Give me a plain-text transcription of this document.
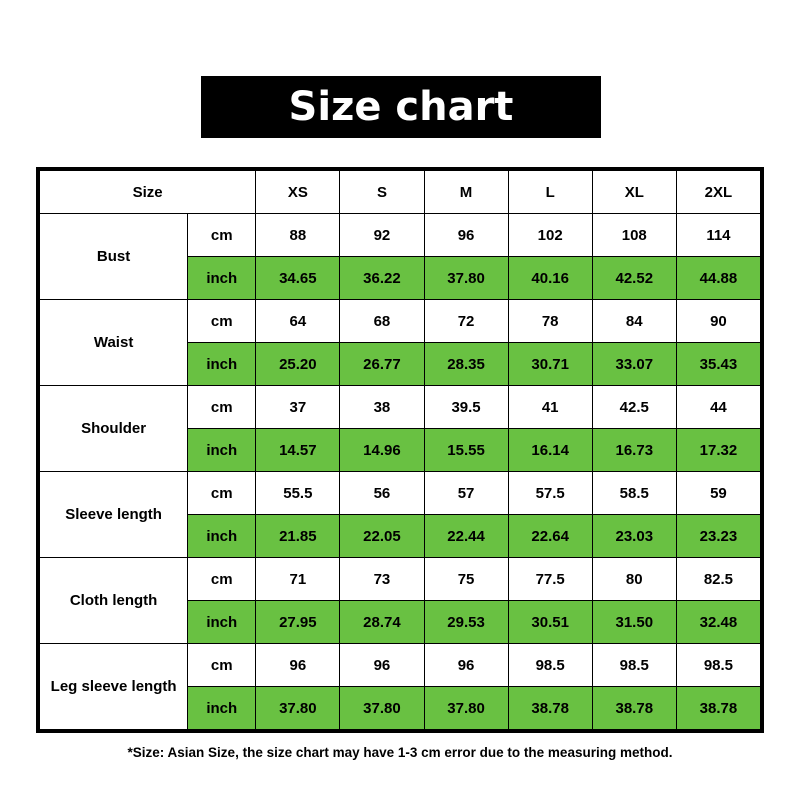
Size chart
Size		XS	S	M	L	XL	2XL
Bust	cm	88	92	96	102	108	114
	inch	34.65	36.22	37.80	40.16	42.52	44.88
Waist	cm	64	68	72	78	84	90
	inch	25.20	26.77	28.35	30.71	33.07	35.43
Shoulder	cm	37	38	39.5	41	42.5	44
	inch	14.57	14.96	15.55	16.14	16.73	17.32
Sleeve length	cm	55.5	56	57	57.5	58.5	59
	inch	21.85	22.05	22.44	22.64	23.03	23.23
Cloth length	cm	71	73	75	77.5	80	82.5
	inch	27.95	28.74	29.53	30.51	31.50	32.48
Leg sleeve length	cm	96	96	96	98.5	98.5	98.5
	inch	37.80	37.80	37.80	38.78	38.78	38.78
*Size: Asian Size, the size chart may have 1-3 cm error due to the measuring method.
